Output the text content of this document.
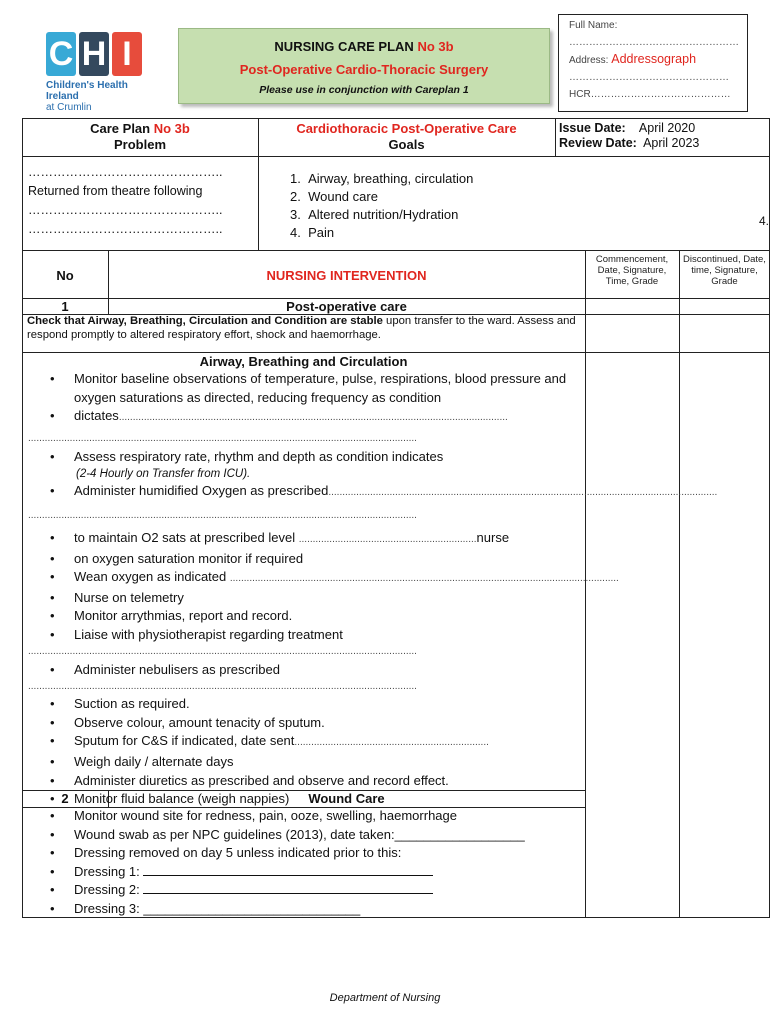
C H I
Children's Health Ireland
at Crumlin
NURSING CARE PLAN No 3b
Post-Operative Cardio-Thoracic Surgery
Please use in conjunction with Careplan 1
Full Name:
……………………………………………
Address: Addressograph
…………………………………………
HCR……………………………………
Care Plan No 3b
Problem
Cardiothoracic Post-Operative Care
Goals
Issue Date: April 2020
Review Date: April 2023
………………………………………..
Returned from theatre following
………………………………………..
………………………………………..
1. Airway, breathing, circulation
2. Wound care
3. Altered nutrition/Hydration
4. Pain
4.
No	NURSING INTERVENTION
Commencement, Date, Signature, Time, Grade
Discontinued, Date, time, Signature, Grade
1	Post-operative care
Check that Airway, Breathing, Circulation and Condition are stable upon transfer to the ward. Assess and respond promptly to altered respiratory effort, shock and haemorrhage.
Airway, Breathing and Circulation
• Monitor baseline observations of temperature, pulse, respirations, blood pressure and oxygen saturations as directed, reducing frequency as condition
• dictates............................................................................................................................................
............................................................................................................................................
• Assess respiratory rate, rhythm and depth as condition indicates
(2-4 Hourly on Transfer from ICU).
• Administer humidified Oxygen as prescribed............................................................................................................................................
............................................................................................................................................
• to maintain O2 sats at prescribed level ................................................................nurse
• on oxygen saturation monitor if required
• Wean oxygen as indicated ............................................................................................................................................
• Nurse on telemetry
• Monitor arrythmias, report and record.
• Liaise with physiotherapist regarding treatment
............................................................................................................................................
• Administer nebulisers as prescribed
............................................................................................................................................
• Suction as required.
• Observe colour, amount tenacity of sputum.
• Sputum for C&S if indicated, date sent......................................................................
• Weigh daily / alternate days
• Administer diuretics as prescribed and observe and record effect.
• Monitor fluid balance (weigh nappies)
2	Wound Care
• Monitor wound site for redness, pain, ooze, swelling, haemorrhage
• Wound swab as per NPC guidelines (2013), date taken:__________________
• Dressing removed on day 5 unless indicated prior to this:
• Dressing 1:
• Dressing 2:
• Dressing 3: ______________________________
Department of Nursing
